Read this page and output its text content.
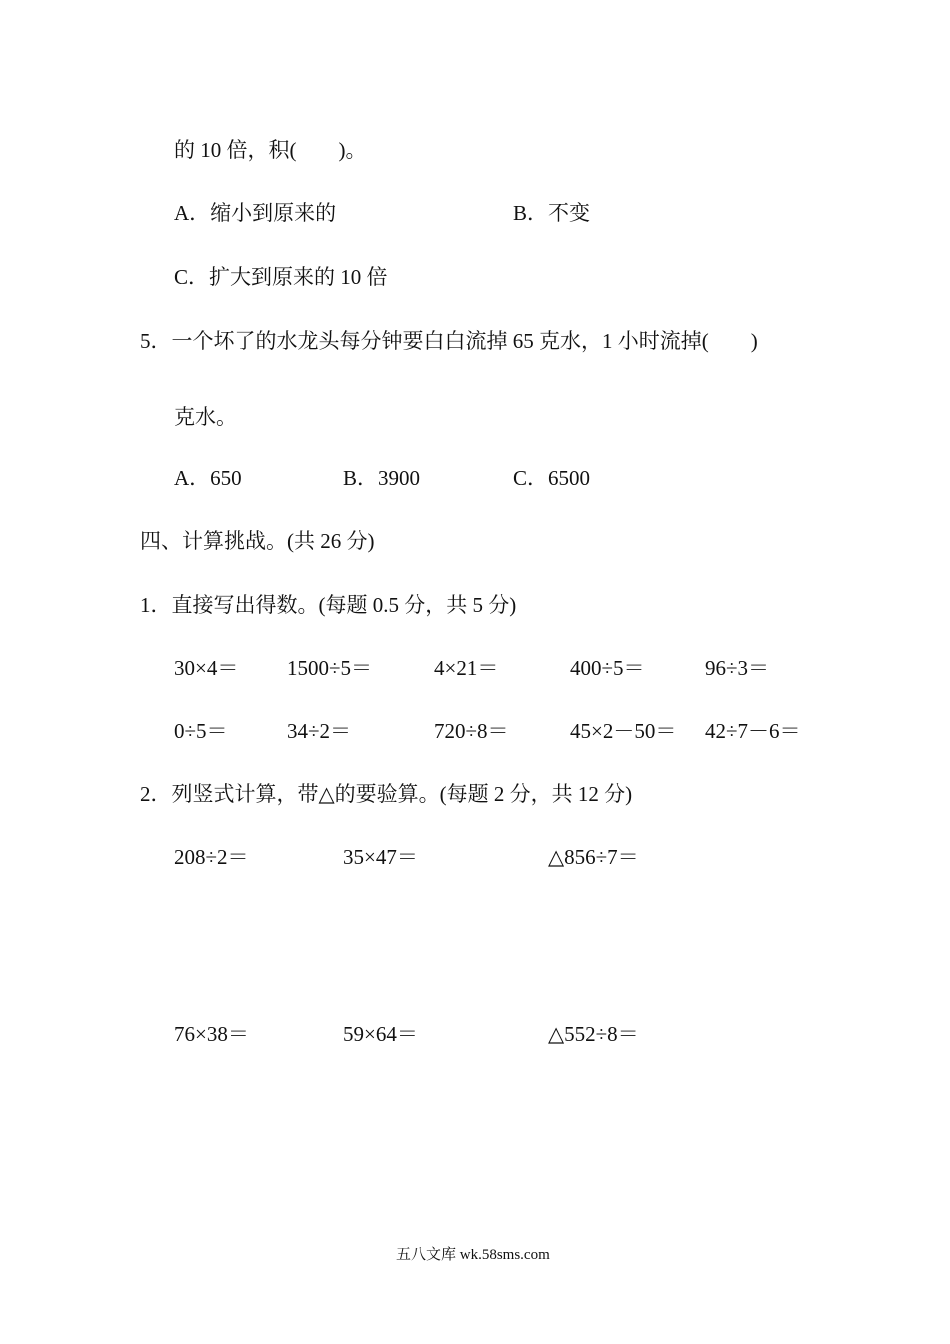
的 10 倍，积(　　)。
A．缩小到原来的	B．不变
C．扩大到原来的 10 倍
5．一个坏了的水龙头每分钟要白白流掉 65 克水，1 小时流掉(　　)
克水。
A．650	B．3900	C．6500
四、计算挑战。(共 26 分)
1．直接写出得数。(每题 0.5 分，共 5 分)
30×4＝ 1500÷5＝	4×21＝	400÷5＝	96÷3＝
0÷5＝	34÷2＝	720÷8＝	45×2－50＝ 42÷7－6＝
2．列竖式计算，带△的要验算。(每题 2 分，共 12 分)
208÷2＝	35×47＝	△856÷7＝
76×38＝	59×64＝	△552÷8＝
五八文库 wk.58sms.com
